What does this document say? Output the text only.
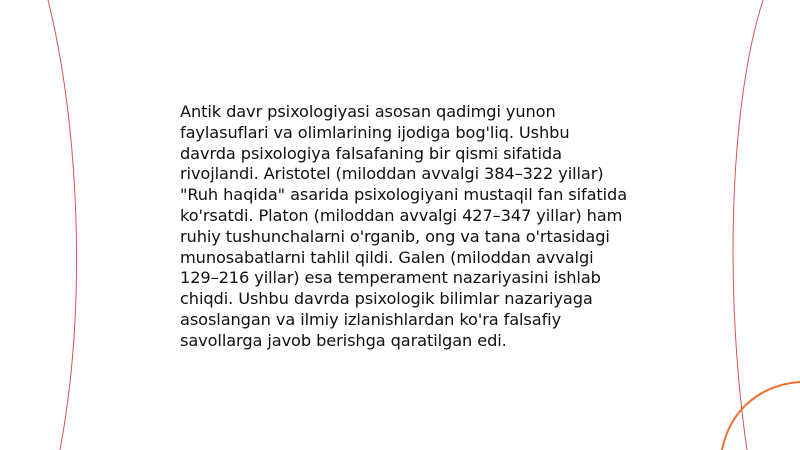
Antik davr psixologiyasi asosan qadimgi yunon faylasuflari va olimlarining ijodiga bog'liq. Ushbu davrda psixologiya falsafaning bir qismi sifatida rivojlandi. Aristotel (miloddan avvalgi 384–322 yillar) "Ruh haqida" asarida psixologiyani mustaqil fan sifatida ko'rsatdi. Platon (miloddan avvalgi 427–347 yillar) ham ruhiy tushunchalarni o'rganib, ong va tana o'rtasidagi munosabatlarni tahlil qildi. Galen (miloddan avvalgi 129–216 yillar) esa temperament nazariyasini ishlab chiqdi. Ushbu davrda psixologik bilimlar nazariyaga asoslangan va ilmiy izlanishlardan ko'ra falsafiy savollarga javob berishga qaratilgan edi.
